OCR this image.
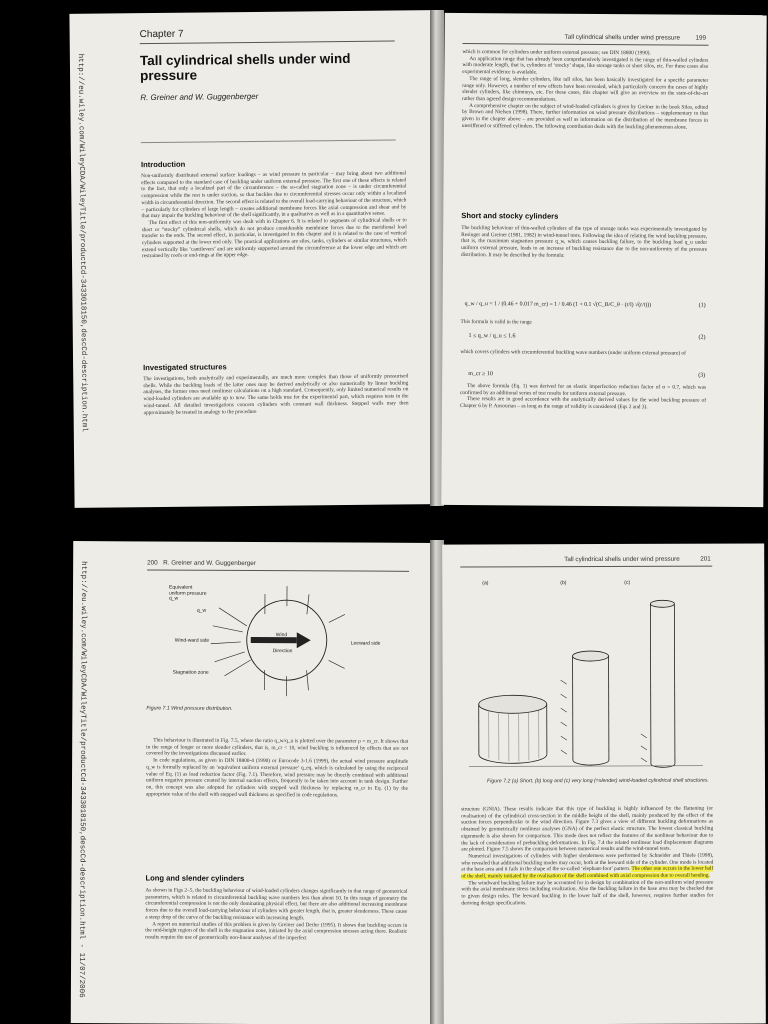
http://eu.wiley.com/WileyCDA/WileyTitle/productCd-3433018150,descCd-description.html
Chapter 7
Tall cylindrical shells under wind pressure
R. Greiner and W. Guggenberger
Introduction

Non-uniformly distributed external surface loadings – as wind pressure in particular – may bring about two additional effects compared to the standard case of buckling under uniform external pressure. The first one of these effects is related to the fact, that only a localized part of the circumference – the so-called stagnation zone – is under circumferential compression while the rest is under suction, so that buckles due to circumferential stresses occur only within a localized width in circumferential direction. The second effect is related to the overall load-carrying behaviour of the structure, which – particularly for cylinders of large length – creates additional membrane forces like axial compression and shear and by that may impair the buckling behaviour of the shell significantly, in a qualitative as well as in a quantitative sense.

The first effect of this non-uniformity was dealt with in Chapter 6. It is related to segments of cylindrical shells or to short or “stocky” cylindrical shells, which do not produce considerable membrane forces due to the meridional load transfer to the ends. The second effect, in particular, is investigated in this chapter and it is related to the case of vertical cylinders supported at the lower end only. The practical applications are silos, tanks, cylinders or similar structures, which extend vertically like ‘cantilevers’ and are uniformly supported around the circumference at the lower edge and which are restrained by roofs or end-rings at the upper edge.

Investigated structures

The investigations, both analytically and experimentally, are much more complex than those of uniformly pressurised shells. While the buckling loads of the latter ones may be derived analytically or also numerically by linear buckling analyses, the former ones need nonlinear calculations on a high standard. Consequently, only limited numerical results on wind-loaded cylinders are available up to now. The same holds true for the experimental part, which requires tests in the wind-tunnel. All detailed investigations concern cylinders with constant wall thickness. Stepped walls may then approximately be treated in analogy to the procedure

Tall cylindrical shells under wind pressure 199

which is common for cylinders under uniform external pressure; see DIN 18800 (1990).

An application range that has already been comprehensively investigated is the range of thin-walled cylinders with moderate length, that is, cylinders of ‘stocky’ shape, like storage tanks or short silos, etc. For these cases also experimental evidence is available.

The range of long, slender cylinders, like tall silos, has been basically investigated for a specific parameter range only. However, a number of new effects have been revealed, which particularly concern the cases of highly slender cylinders, like chimneys, etc. For these cases, this chapter will give an overview on the state-of-the-art rather than agreed design recommendations.

A comprehensive chapter on the subject of wind-loaded cylinders is given by Greiner in the book Silos, edited by Brown and Nielsen (1998). There, further information on wind pressure distributions – supplementary to that given in the chapter above – are provided as well as information on the distribution of the membrane forces in unstiffened or stiffened cylinders. The following contribution deals with the buckling phenomenon alone.

Short and stocky cylinders

The buckling behaviour of thin-walled cylinders of the type of storage tanks was experimentally investigated by Resinger and Greiner (1981, 1982) in wind-tunnel tests. Following the idea of relating the wind buckling pressure, that is, the maximum stagnation pressure q_w, which causes buckling failure, to the buckling load q_u under uniform external pressure, leads to an increase of buckling resistance due to the non-uniformity of the pressure distribution. It may be described by the formula:

q_w / q_u = 1 / (0.46 + 0.017 m_cr) = 1 / 0.46 (1 + 0.1 √(C_B/C_θ · (r/l) √(r/t)))	(1)

This formula is valid in the range

1 ≤ q_w / q_u ≤ 1.6	(2)

which covers cylinders with circumferential buckling wave numbers (under uniform external pressure) of

m_cr ≥ 10	(3)

The above formula (Eq. 1) was derived for an elastic imperfection reduction factor of α = 0.7, which was confirmed by an additional series of test results for uniform external pressure.

These results are in good accordance with the analytically derived values for the wind buckling pressure of Chapter 6 by P. Ansourian – as long as the range of validity is considered (Eqs 2 and 3).

http://eu.wiley.com/WileyCDA/WileyTitle/productCd-3433018150,descCd-description.html - 11/07/2006	200 R. Greiner and W. Guggenberger
Equivalent uniform pressure q_w
q_w
Wind-ward side
Wind
Direction
Leeward side
Stagnation zone
Figure 7.1 Wind pressure distribution.

This behaviour is illustrated in Fig. 7.5, where the ratio q_w/q_u is plotted over the parameter ρ = m_cr. It shows that in the range of longer or more slender cylinders, that is, m_cr < 10, wind buckling is influenced by effects that are not covered by the investigations discussed earlier.

In code regulations, as given in DIN 18800-4 (1990) or Eurocode 3-1.6 (1999), the actual wind pressure amplitude q_w is formally replaced by an ‘equivalent uniform external pressure’ q_eq, which is calculated by using the reciprocal value of Eq. (1) as load reduction factor (Fig. 7.1). Therefore, wind pressure may be directly combined with additional uniform negative pressure created by internal suction effects, frequently to be taken into account in tank design. Further on, this concept was also adopted for cylinders with stepped wall thickness by replacing m_cr in Eq. (1) by the appropriate value of the shell with stepped wall thickness as specified in code regulations.

Long and slender cylinders

As shown in Figs 2–5, the buckling behaviour of wind-loaded cylinders changes significantly in that range of geometrical parameters, which is related to circumferential buckling wave numbers less than about 10. In this range of geometry the circumferential compression is not the only dominating physical effect, but there are also additional increasing membrane forces due to the overall load-carrying behaviour of cylinders with greater length, that is, greater slenderness. These cause a steep drop of the curve of the buckling resistance with increasing length.

A report on numerical studies of this problem is given by Greiner and Derler (1995). It shows that buckling occurs in the mid-height region of the shell in the stagnation zone, initiated by the axial compression stresses acting there. Realistic results require the use of geometrically non-linear analyses of the imperfect

Tall cylindrical shells under wind pressure	201
(a)	(b)	(c)
Figure 7.2 (a) Short, (b) long and (c) very long (=slender) wind-loaded cylindrical shell structures.

structure (GNIA). These results indicate that this type of buckling is highly influenced by the flattening (or ovalisation) of the cylindrical cross-section in the middle height of the shell, mainly produced by the effect of the suction forces perpendicular to the wind direction. Figure 7.3 gives a view of different buckling deformations as obtained by geometrically nonlinear analyses (GNA) of the perfect elastic structure. The lowest classical buckling eigenmode is also shown for comparison. This mode does not reflect the features of the nonlinear behaviour due to the lack of consideration of prebuckling deformations. In Fig. 7.4 the related nonlinear load displacement diagrams are plotted. Figure 7.5 shows the comparison between numerical results and the wind-tunnel tests.

Numerical investigations of cylinders with higher slenderness were performed by Schneider and Thiele (1998), who revealed that additional buckling modes may occur, both at the leeward side of the cylinder. One mode is located at the base area and it fails in the shape of the so-called ‘elephant-foot’ pattern. The other one occurs in the lower half of the shell, mainly initiated by the ovalisation of the shell combined with axial compression due to overall bending.

The windward buckling failure may be accounted for in design by combination of the non-uniform wind pressure with the axial membrane stress including ovalization. Also the buckling failure in the base area may be checked due to given design rules. The leeward buckling in the lower half of the shell, however, requires further studies for deriving design specifications.
